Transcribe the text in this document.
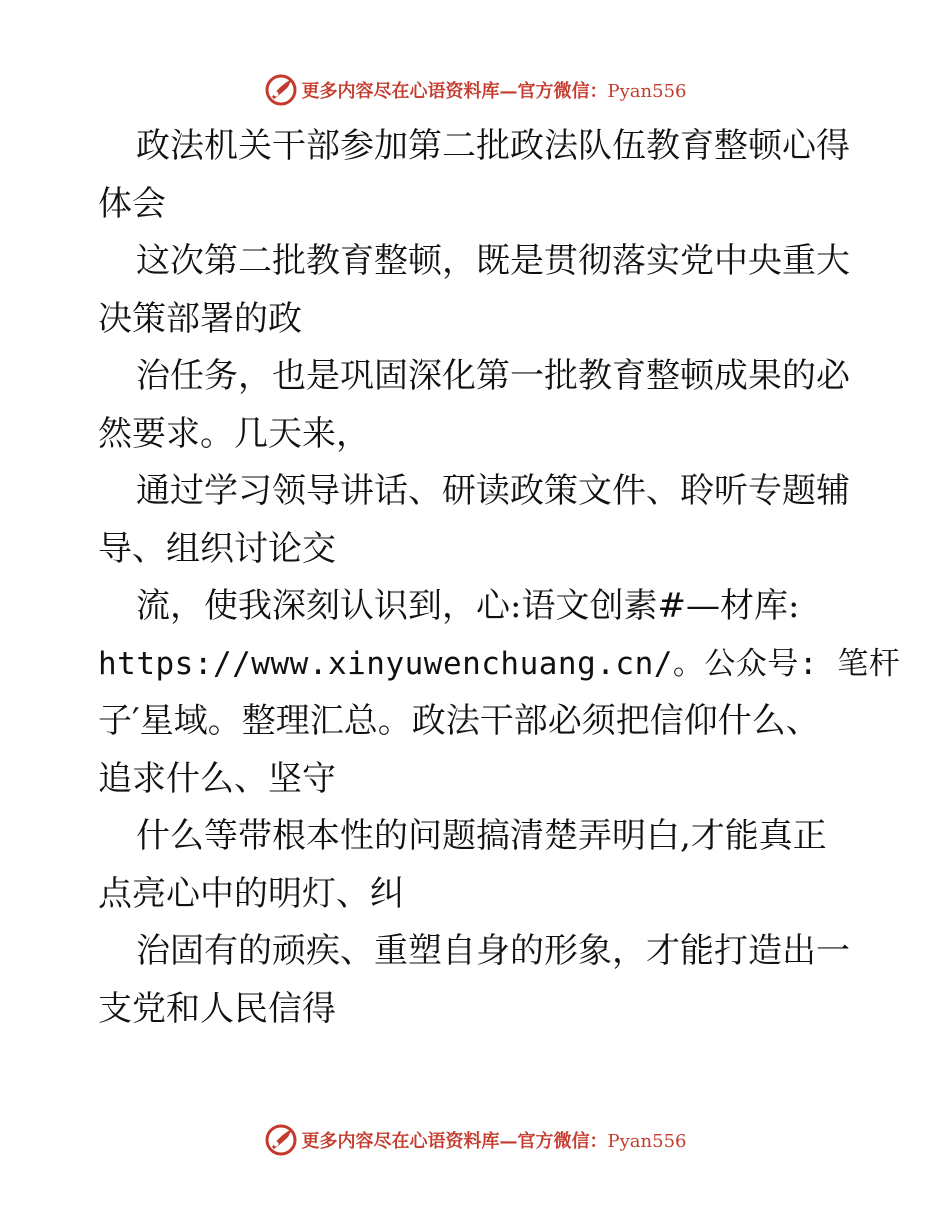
更多内容尽在心语资料库—官方微信：Pyan556
政法机关干部参加第二批政法队伍教育整顿心得
体会
这次第二批教育整顿，既是贯彻落实党中央重大
决策部署的政
治任务，也是巩固深化第一批教育整顿成果的必
然要求。几天来，
通过学习领导讲话、研读政策文件、聆听专题辅
导、组织讨论交
流，使我深刻认识到，心:语文创素#—材库:
https://www.xinyuwenchuang.cn/。公众号: 笔杆
子′星域。整理汇总。政法干部必须把信仰什么、
追求什么、坚守
什么等带根本性的问题搞清楚弄明白,才能真正
点亮心中的明灯、纠
治固有的顽疾、重塑自身的形象，才能打造出一
支党和人民信得
更多内容尽在心语资料库—官方微信：Pyan556
